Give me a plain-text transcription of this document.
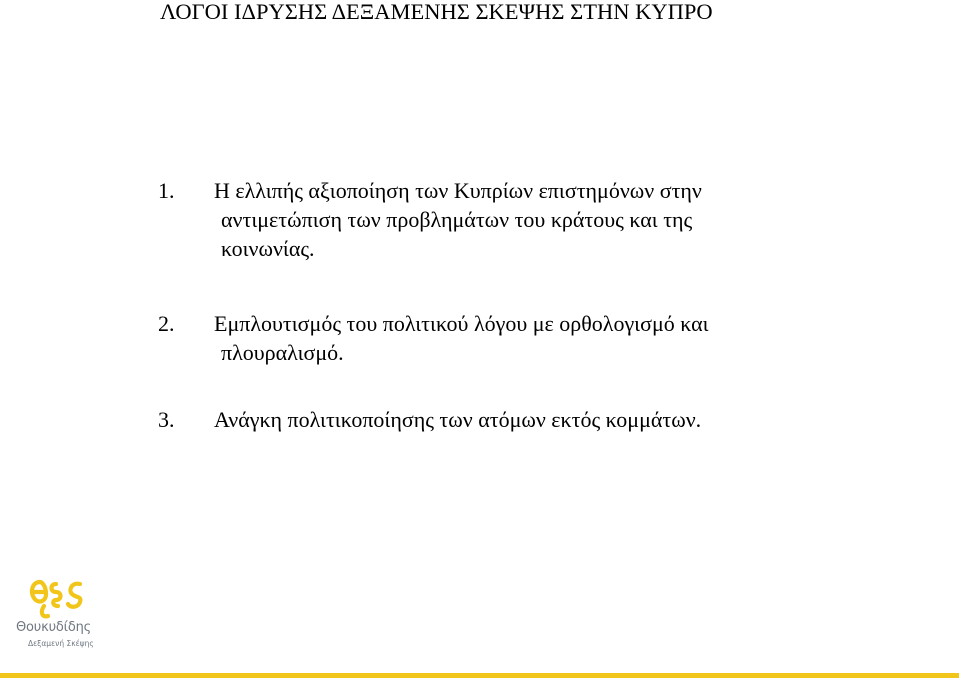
ΛΟΓΟΙ ΙΔΡΥΣΗΣ ΔΕΞΑΜΕΝΗΣ ΣΚΕΨΗΣ ΣΤΗΝ ΚΥΠΡΟ
1. Η ελλιπής αξιοποίηση των Κυπρίων επιστημόνων στην
αντιμετώπιση των προβλημάτων του κράτους και της
κοινωνίας.
2. Εμπλουτισμός του πολιτικού λόγου με ορθολογισμό και
πλουραλισμό.
3. Ανάγκη πολιτικοποίησης των ατόμων εκτός κομμάτων.
Θουκυδίδης
Δεξαμενή Σκέψης
